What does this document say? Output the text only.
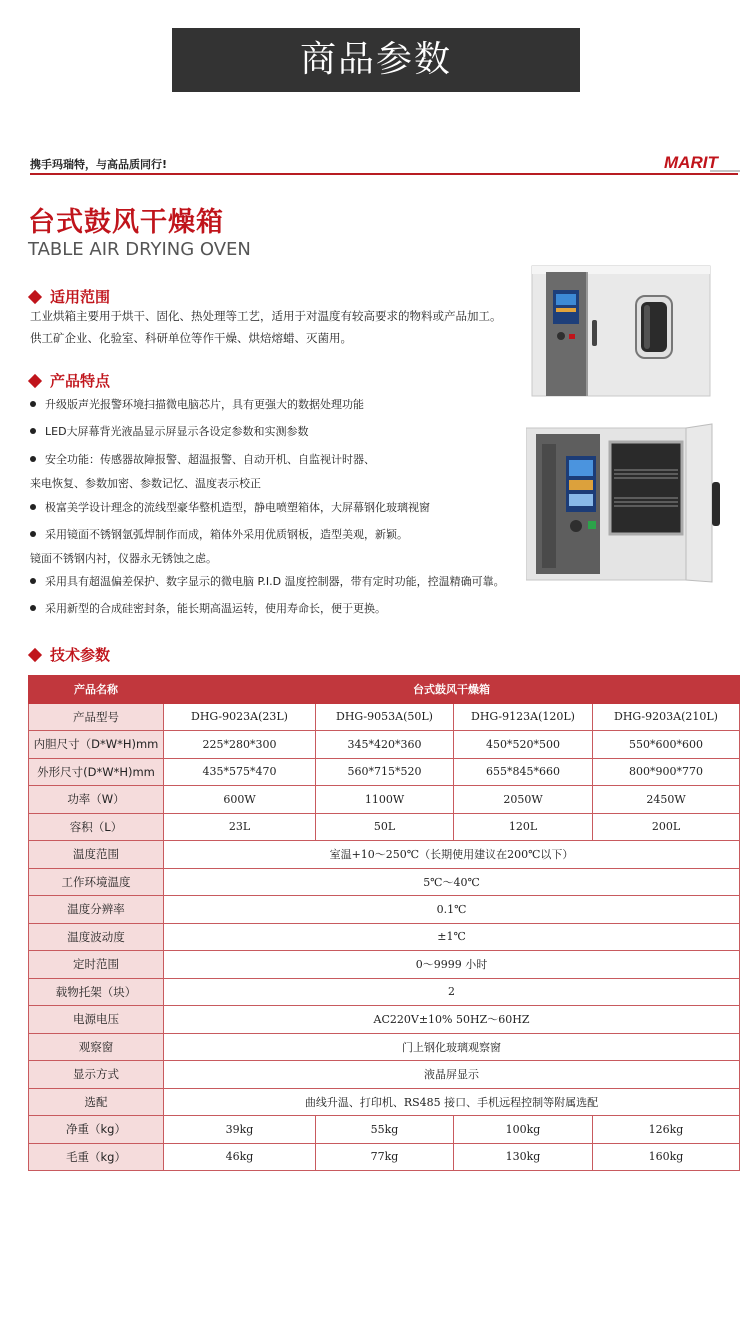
商品参数
携手玛瑞特，与高品质同行!	MARIT
台式鼓风干燥箱
TABLE AIR DRYING OVEN
适用范围
工业烘箱主要用于烘干、固化、热处理等工艺，适用于对温度有较高要求的物料或产品加工。
供工矿企业、化验室、科研单位等作干燥、烘焙熔蜡、灭菌用。
产品特点
升级版声光报警环境扫描微电脑芯片，具有更强大的数据处理功能
LED大屏幕背光液晶显示屏显示各设定参数和实测参数
安全功能：传感器故障报警、超温报警、自动开机、自监视计时器、
来电恢复、参数加密、参数记忆、温度表示校正
极富美学设计理念的流线型豪华整机造型，静电喷塑箱体，大屏幕钢化玻璃视窗
采用镜面不锈钢氩弧焊制作而成，箱体外采用优质钢板，造型美观，新颖。
镜面不锈钢内衬，仪器永无锈蚀之虑。
采用具有超温偏差保护、数字显示的微电脑 P.I.D 温度控制器，带有定时功能，控温精确可靠。
采用新型的合成硅密封条，能长期高温运转，使用寿命长，便于更换。
技术参数
产品名称	台式鼓风干燥箱			
产品型号	DHG-9023A(23L)	DHG-9053A(50L)	DHG-9123A(120L)	DHG-9203A(210L)
内胆尺寸（D*W*H)mm	225*280*300	345*420*360	450*520*500	550*600*600
外形尺寸(D*W*H)mm	435*575*470	560*715*520	655*845*660	800*900*770
功率（W）	600W	1100W	2050W	2450W
容积（L）	23L	50L	120L	200L
温度范围	室温+10～250℃（长期使用建议在200℃以下）			
工作环境温度	5℃～40℃			
温度分辨率	0.1℃			
温度波动度	±1℃			
定时范围	0～9999 小时			
载物托架（块）	2			
电源电压	AC220V±10% 50HZ～60HZ			
观察窗	门上钢化玻璃观察窗			
显示方式	液晶屏显示			
选配	曲线升温、打印机、RS485 接口、手机远程控制等附属选配			
净重（kg）	39kg	55kg	100kg	126kg
毛重（kg）	46kg	77kg	130kg	160kg
